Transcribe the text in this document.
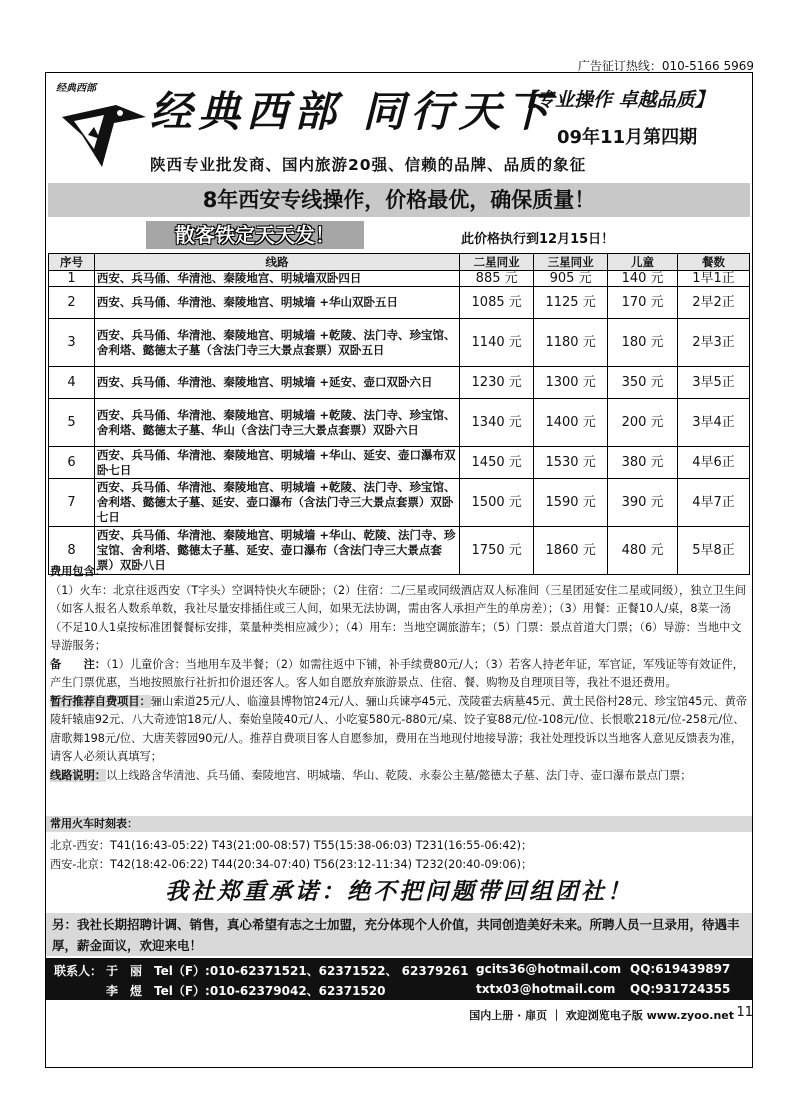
广告征订热线：010-5166 5969
经典西部 经典西部 同行天下
【专业操作 卓越品质】
09年11月第四期
陕西专业批发商、国内旅游20强、信赖的品牌、品质的象征
8年西安专线操作，价格最优，确保质量！
散客铁定天天发！	此价格执行到12月15日！
序号	线路	二星同业	三星同业	儿童	餐数
1	西安、兵马俑、华清池、秦陵地宫、明城墙双卧四日	885 元	905 元	140 元	1早1正
2	西安、兵马俑、华清池、秦陵地宫、明城墙 +华山双卧五日	1085 元	1125 元	170 元	2早2正
3	西安、兵马俑、华清池、秦陵地宫、明城墙 +乾陵、法门寺、珍宝馆、舍利塔、懿德太子墓（含法门寺三大景点套票）双卧五日	1140 元	1180 元	180 元	2早3正
4	西安、兵马俑、华清池、秦陵地宫、明城墙 +延安、壶口双卧六日	1230 元	1300 元	350 元	3早5正
5	西安、兵马俑、华清池、秦陵地宫、明城墙 +乾陵、法门寺、珍宝馆、舍利塔、懿德太子墓、华山（含法门寺三大景点套票）双卧六日	1340 元	1400 元	200 元	3早4正
6	西安、兵马俑、华清池、秦陵地宫、明城墙 +华山、延安、壶口瀑布双卧七日	1450 元	1530 元	380 元	4早6正
7	西安、兵马俑、华清池、秦陵地宫、明城墙 +乾陵、法门寺、珍宝馆、舍利塔、懿德太子墓、延安、壶口瀑布（含法门寺三大景点套票）双卧七日	1500 元	1590 元	390 元	4早7正
8	西安、兵马俑、华清池、秦陵地宫、明城墙 +华山、乾陵、法门寺、珍宝馆、舍利塔、懿德太子墓、延安、壶口瀑布（含法门寺三大景点套票）双卧八日	1750 元	1860 元	480 元	5早8正

费用包含：

（1）火车：北京往返西安（T字头）空调特快火车硬卧；（2）住宿：二/三星或同级酒店双人标准间（三星团延安住二星或同级），独立卫生间（如客人报名人数系单数，我社尽量安排插住或三人间，如果无法协调，需由客人承担产生的单房差）；（3）用餐：正餐10人/桌，8菜一汤（不足10人1桌按标准团餐餐标安排，菜量种类相应减少）；（4）用车：当地空调旅游车；（5）门票：景点首道大门票；（6）导游：当地中文导游服务；

备　　注：（1）儿童价含：当地用车及半餐；（2）如需往返中下铺，补手续费80元/人；（3）若客人持老年证，军官证，军残证等有效证件，产生门票优惠，当地按照旅行社折扣价退还客人。客人如自愿放弃旅游景点、住宿、餐、购物及自理项目等，我社不退还费用。

暂行推荐自费项目：骊山索道25元/人、临潼县博物馆24元/人、骊山兵谏亭45元、茂陵霍去病墓45元、黄土民俗村28元、珍宝馆45元、黄帝陵轩辕庙92元、八大奇迹馆18元/人、秦始皇陵40元/人、小吃宴580元-880元/桌、饺子宴88元/位-108元/位、长恨歌218元/位-258元/位、唐歌舞198元/位、大唐芙蓉园90元/人。推荐自费项目客人自愿参加，费用在当地现付地接导游；我社处理投诉以当地客人意见反馈表为准，请客人必须认真填写；

线路说明：以上线路含华清池、兵马俑、秦陵地宫、明城墙、华山、乾陵、永泰公主墓/懿德太子墓、法门寺、壶口瀑布景点门票；

常用火车时刻表：
北京-西安：T41(16:43-05:22) T43(21:00-08:57) T55(15:38-06:03) T231(16:55-06:42)；
西安-北京：T42(18:42-06:22) T44(20:34-07:40) T56(23:12-11:34) T232(20:40-09:06)；
我社郑重承诺：绝不把问题带回组团社！
另：我社长期招聘计调、销售，真心希望有志之士加盟，充分体现个人价值，共同创造美好未来。所聘人员一旦录用，待遇丰厚，薪金面议，欢迎来电！
联系人： 于　丽 Tel（F）:010-62371521、62371522、 62379261 gcits36@hotmail.com QQ:619439897
李　煜 Tel（F）:010-62379042、62371520	txtx03@hotmail.com QQ:931724355
国内上册 · 扉页 ｜ 欢迎浏览电子版 www.zyoo.net 11
